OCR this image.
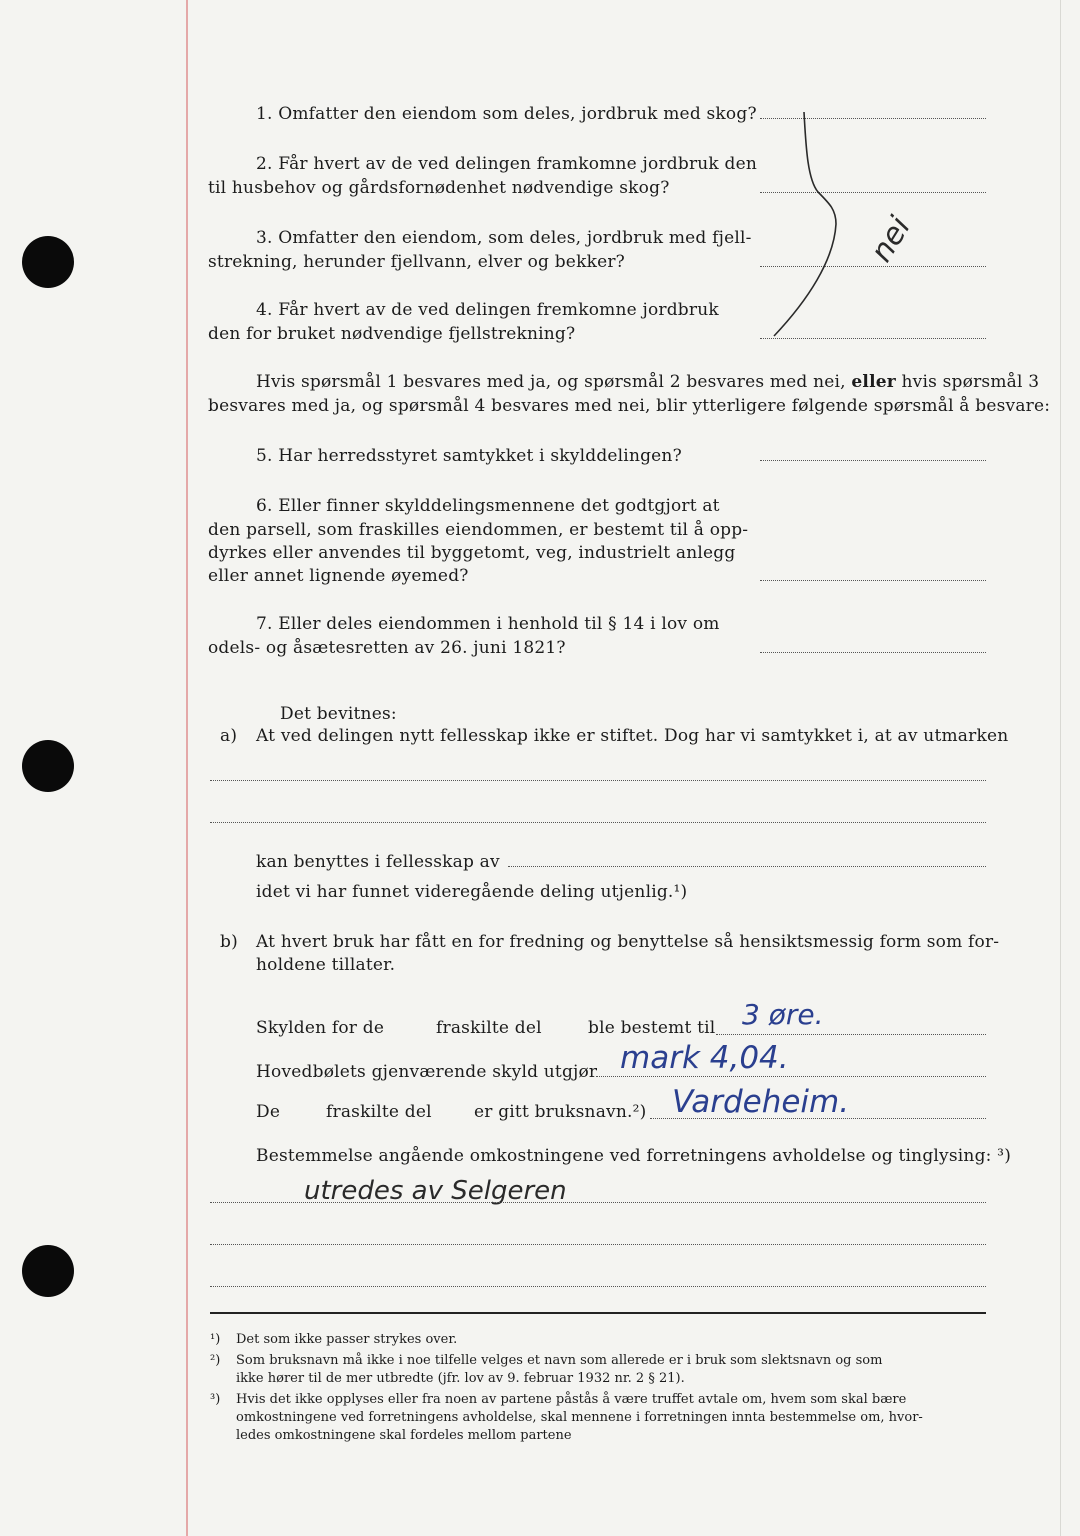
1. Omfatter den eiendom som deles, jordbruk med skog?
2. Får hvert av de ved delingen framkomne jordbruk den
til husbehov og gårdsfornødenhet nødvendige skog?
3. Omfatter den eiendom, som deles, jordbruk med fjell-
strekning, herunder fjellvann, elver og bekker?
4. Får hvert av de ved delingen fremkomne jordbruk
den for bruket nødvendige fjellstrekning?
nei
Hvis spørsmål 1 besvares med ja, og spørsmål 2 besvares med nei, eller hvis spørsmål 3
besvares med ja, og spørsmål 4 besvares med nei, blir ytterligere følgende spørsmål å besvare:
5. Har herredsstyret samtykket i skylddelingen?
6. Eller finner skylddelingsmennene det godtgjort at
den parsell, som fraskilles eiendommen, er bestemt til å opp-
dyrkes eller anvendes til byggetomt, veg, industrielt anlegg
eller annet lignende øyemed?
7. Eller deles eiendommen i henhold til § 14 i lov om
odels- og åsætesretten av 26. juni 1821?
Det bevitnes:
a) At ved delingen nytt fellesskap ikke er stiftet. Dog har vi samtykket i, at av utmarken
kan benyttes i fellesskap av
idet vi har funnet videregående deling utjenlig.¹)
b) At hvert bruk har fått en for fredning og benyttelse så hensiktsmessig form som for-
holdene tillater.
Skylden for de	fraskilte del	ble bestemt til 3 øre.
Hovedbølets gjenværende skyld utgjør mark 4,04.
De	fraskilte del er gitt bruksnavn.²) Vardeheim.
Bestemmelse angående omkostningene ved forretningens avholdelse og tinglysing: ³)
utredes av Selgeren
¹) Det som ikke passer strykes over.
²) Som bruksnavn må ikke i noe tilfelle velges et navn som allerede er i bruk som slektsnavn og som
ikke hører til de mer utbredte (jfr. lov av 9. februar 1932 nr. 2 § 21).
³) Hvis det ikke opplyses eller fra noen av partene påstås å være truffet avtale om, hvem som skal bære
omkostningene ved forretningens avholdelse, skal mennene i forretningen innta bestemmelse om, hvor-
ledes omkostningene skal fordeles mellom partene
